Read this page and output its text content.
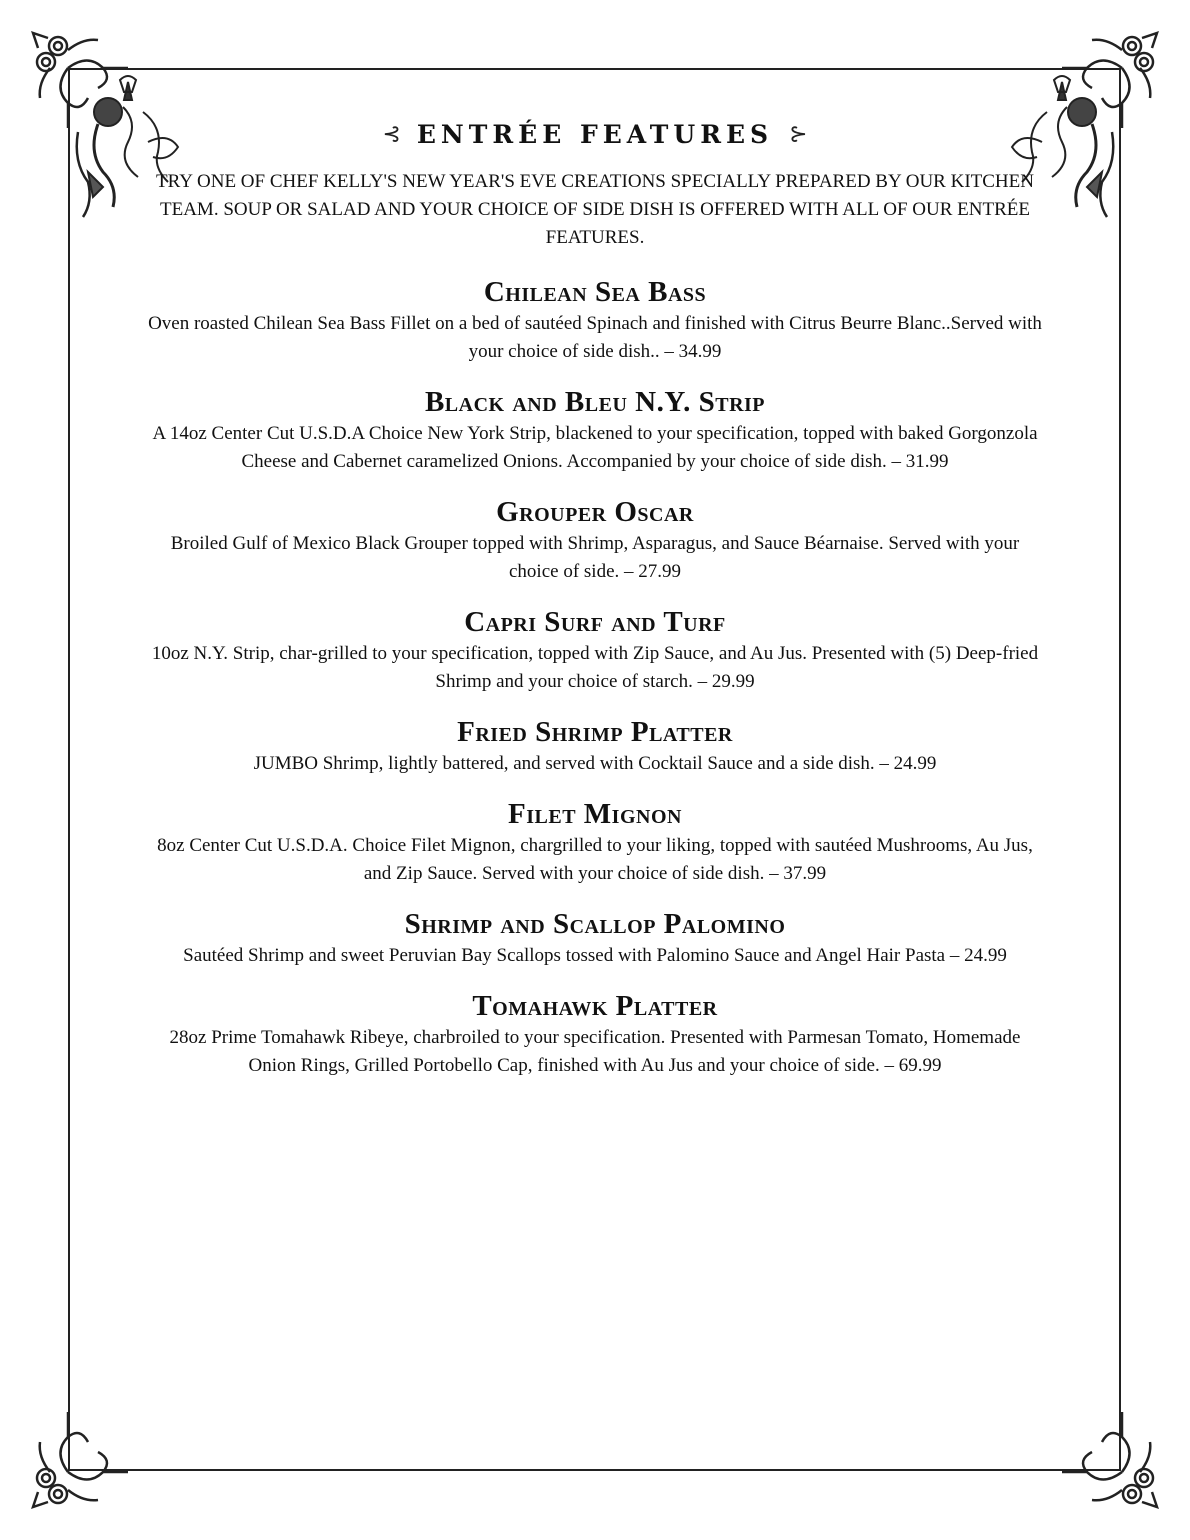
⊰ ENTRÉE FEATURES ⊱

TRY ONE OF CHEF KELLY'S NEW YEAR'S EVE CREATIONS SPECIALLY PREPARED BY OUR KITCHEN TEAM. SOUP OR SALAD AND YOUR CHOICE OF SIDE DISH IS OFFERED WITH ALL OF OUR ENTRÉE FEATURES.

Chilean Sea Bass

Oven roasted Chilean Sea Bass Fillet on a bed of sautéed Spinach and finished with Citrus Beurre Blanc..Served with your choice of side dish.. – 34.99

Black and Bleu N.Y. Strip

A 14oz Center Cut U.S.D.A Choice New York Strip, blackened to your specification, topped with baked Gorgonzola Cheese and Cabernet caramelized Onions. Accompanied by your choice of side dish. – 31.99

Grouper Oscar

Broiled Gulf of Mexico Black Grouper topped with Shrimp, Asparagus, and Sauce Béarnaise. Served with your choice of side. – 27.99

Capri Surf and Turf

10oz N.Y. Strip, char-grilled to your specification, topped with Zip Sauce, and Au Jus. Presented with (5) Deep-fried Shrimp and your choice of starch. – 29.99

Fried Shrimp Platter

JUMBO Shrimp, lightly battered, and served with Cocktail Sauce and a side dish. – 24.99

Filet Mignon

8oz Center Cut U.S.D.A. Choice Filet Mignon, chargrilled to your liking, topped with sautéed Mushrooms, Au Jus, and Zip Sauce. Served with your choice of side dish. – 37.99

Shrimp and Scallop Palomino

Sautéed Shrimp and sweet Peruvian Bay Scallops tossed with Palomino Sauce and Angel Hair Pasta – 24.99

Tomahawk Platter

28oz Prime Tomahawk Ribeye, charbroiled to your specification. Presented with Parmesan Tomato, Homemade Onion Rings, Grilled Portobello Cap, finished with Au Jus and your choice of side. – 69.99
